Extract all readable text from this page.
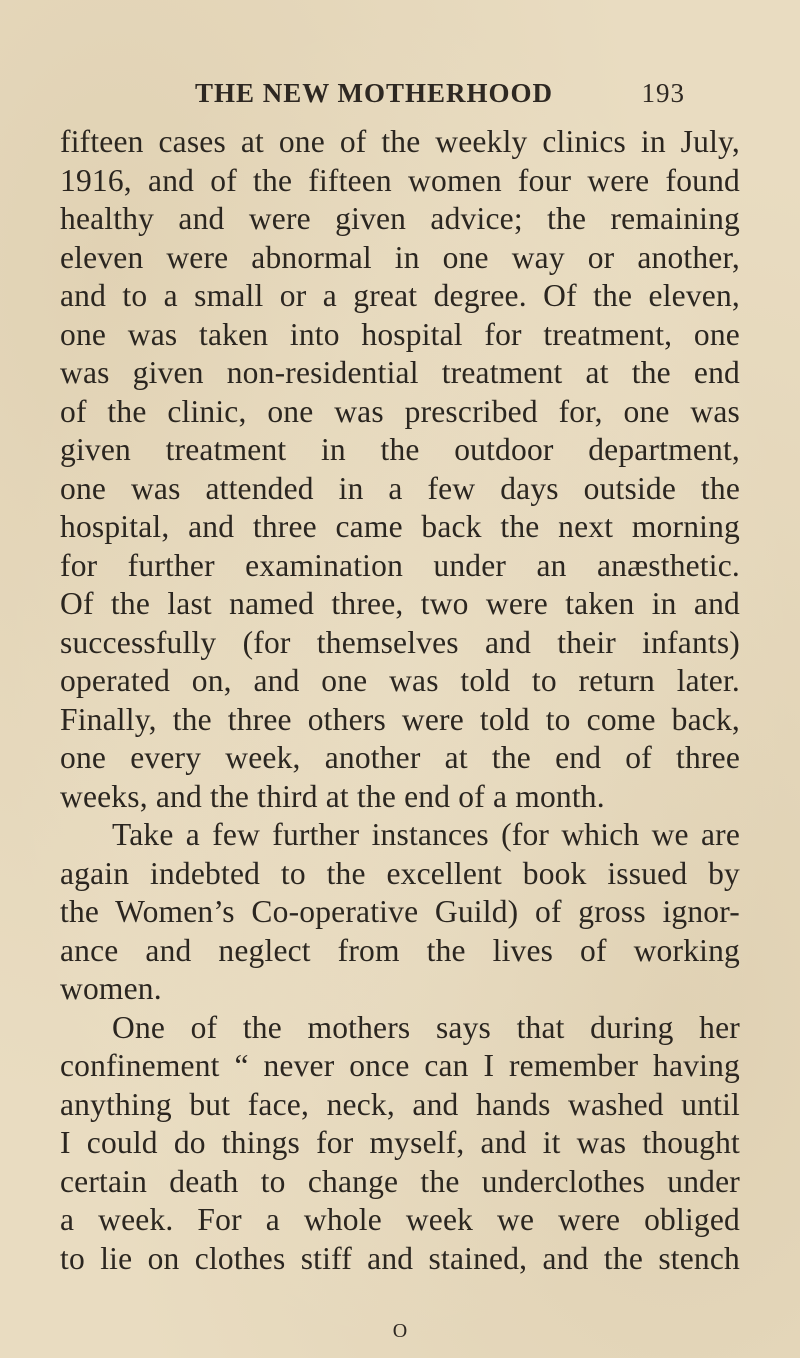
THE NEW MOTHERHOOD	193
fifteen cases at one of the weekly clinics in July,
1916, and of the fifteen women four were found
healthy and were given advice; the remaining
eleven were abnormal in one way or another,
and to a small or a great degree. Of the eleven,
one was taken into hospital for treatment, one
was given non-residential treatment at the end
of the clinic, one was prescribed for, one was
given treatment in the outdoor department,
one was attended in a few days outside the
hospital, and three came back the next morning
for further examination under an anæsthetic.
Of the last named three, two were taken in and
successfully (for themselves and their infants)
operated on, and one was told to return later.
Finally, the three others were told to come back,
one every week, another at the end of three
weeks, and the third at the end of a month.
Take a few further instances (for which we are
again indebted to the excellent book issued by
the Women’s Co-operative Guild) of gross ignor-
ance and neglect from the lives of working
women.
One of the mothers says that during her
confinement “ never once can I remember having
anything but face, neck, and hands washed until
I could do things for myself, and it was thought
certain death to change the underclothes under
a week. For a whole week we were obliged
to lie on clothes stiff and stained, and the stench
O
